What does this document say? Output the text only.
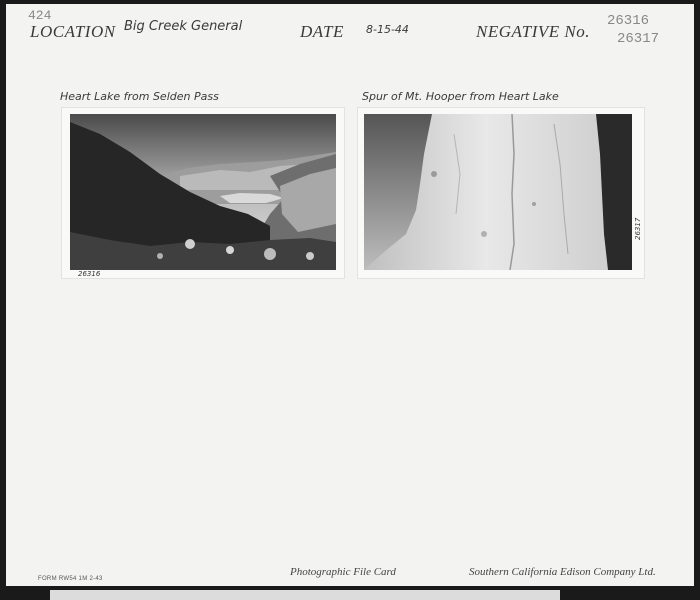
424
LOCATION Big Creek General	DATE 8-15-44	NEGATIVE No.
26316
26317
Heart Lake from Selden Pass	Spur of Mt. Hooper from Heart Lake
26316
26317
FORM RW54 1M 2-43
Photographic File Card	Southern California Edison Company Ltd.
